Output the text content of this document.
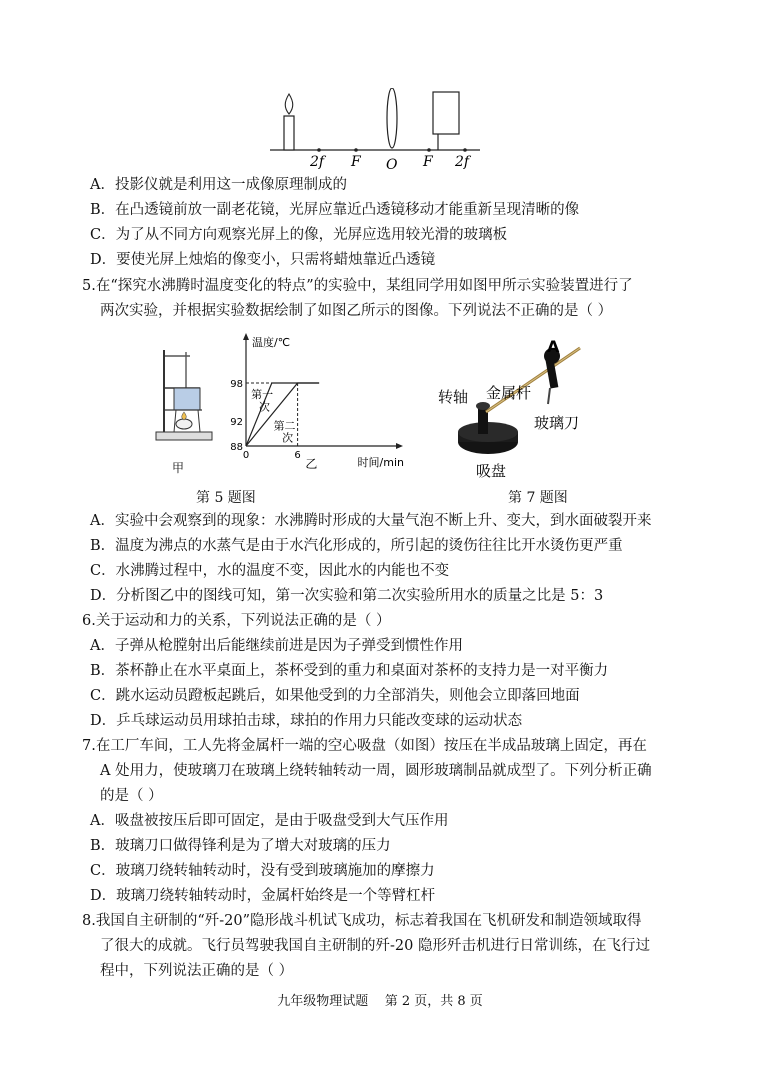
2f F O F 2f
A．投影仪就是利用这一成像原理制成的
B．在凸透镜前放一副老花镜，光屏应靠近凸透镜移动才能重新呈现清晰的像
C．为了从不同方向观察光屏上的像，光屏应选用较光滑的玻璃板
D．要使光屏上烛焰的像变小，只需将蜡烛靠近凸透镜
5.在“探究水沸腾时温度变化的特点”的实验中，某组同学用如图甲所示实验装置进行了
两次实验，并根据实验数据绘制了如图乙所示的图像。下列说法不正确的是（ ）
甲
第一
次
第二
次
98
92
88
0	6
温度/℃
时间/min
乙
A
转轴 金属杆
玻璃刀
吸盘
第 5 题图	第 7 题图
A．实验中会观察到的现象：水沸腾时形成的大量气泡不断上升、变大，到水面破裂开来
B．温度为沸点的水蒸气是由于水汽化形成的，所引起的烫伤往往比开水烫伤更严重
C．水沸腾过程中，水的温度不变，因此水的内能也不变
D．分析图乙中的图线可知，第一次实验和第二次实验所用水的质量之比是 5：3
6.关于运动和力的关系，下列说法正确的是（ ）
A．子弹从枪膛射出后能继续前进是因为子弹受到惯性作用
B．茶杯静止在水平桌面上，茶杯受到的重力和桌面对茶杯的支持力是一对平衡力
C．跳水运动员蹬板起跳后，如果他受到的力全部消失，则他会立即落回地面
D．乒乓球运动员用球拍击球，球拍的作用力只能改变球的运动状态
7.在工厂车间，工人先将金属杆一端的空心吸盘（如图）按压在半成品玻璃上固定，再在
A 处用力，使玻璃刀在玻璃上绕转轴转动一周，圆形玻璃制品就成型了。下列分析正确
的是（ ）
A．吸盘被按压后即可固定，是由于吸盘受到大气压作用
B．玻璃刀口做得锋利是为了增大对玻璃的压力
C．玻璃刀绕转轴转动时，没有受到玻璃施加的摩擦力
D．玻璃刀绕转轴转动时，金属杆始终是一个等臂杠杆
8.我国自主研制的“歼-20”隐形战斗机试飞成功，标志着我国在飞机研发和制造领域取得
了很大的成就。飞行员驾驶我国自主研制的歼-20 隐形歼击机进行日常训练，在飞行过
程中，下列说法正确的是（ ）
九年级物理试题    第 2 页，共 8 页
